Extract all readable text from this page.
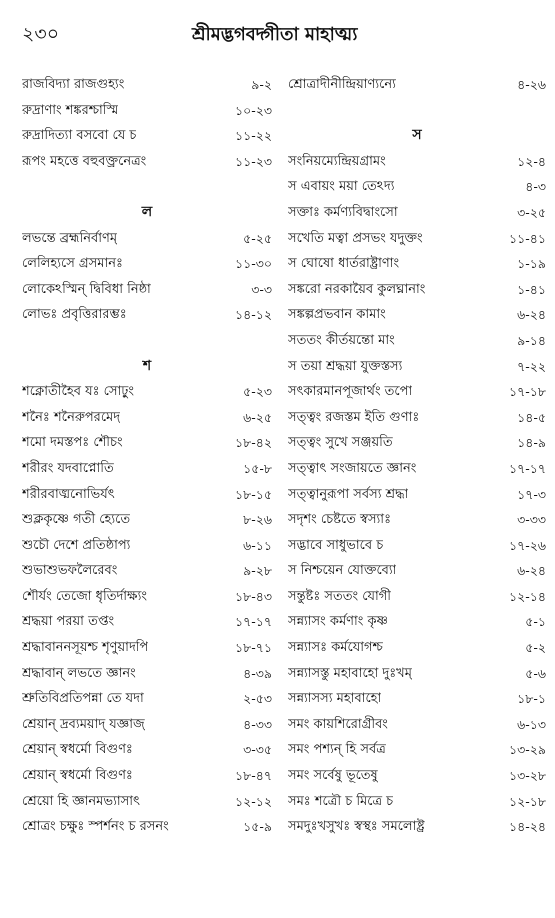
২৩০	শ্রীমদ্ভগবদ্গীতা মাহাত্ম্য
রাজবিদ্যা রাজগুহ্যং	৯-২
রুদ্রাণাং শঙ্করশ্চাস্মি	১০-২৩
রুদ্রাদিত্যা বসবো যে চ	১১-২২
রূপং মহত্তে বহুবক্ত্রনেত্রং	১১-২৩
ল
লভন্তে ব্রহ্মনির্বাণম্	৫-২৫
লেলিহ্যসে গ্রসমানঃ	১১-৩০
লোকেঽস্মিন্ দ্বিবিধা নিষ্ঠা	৩-৩
লোভঃ প্রবৃত্তিরারম্ভঃ	১৪-১২
শ
শক্নোতীহৈব যঃ সোঢ়ুং	৫-২৩
শনৈঃ শনৈরুপরমেদ্	৬-২৫
শমো দমস্তপঃ শৌচং	১৮-৪২
শরীরং যদবাপ্নোতি	১৫-৮
শরীরবাঙ্মনোভির্যৎ	১৮-১৫
শুক্লকৃষ্ণে গতী হ্যেতে	৮-২৬
শুচৌ দেশে প্রতিষ্ঠাপ্য	৬-১১
শুভাশুভফলৈরেবং	৯-২৮
শৌর্যং তেজো ধৃতির্দাক্ষ্যং	১৮-৪৩
শ্রদ্ধয়া পরয়া তপ্তং	১৭-১৭
শ্রদ্ধাবাননসূয়শ্চ শৃণুয়াদপি	১৮-৭১
শ্রদ্ধাবান্ লভতে জ্ঞানং	৪-৩৯
শ্রুতিবিপ্রতিপন্না তে যদা	২-৫৩
শ্রেয়ান্ দ্রব্যময়াদ্ যজ্ঞাজ্	৪-৩৩
শ্রেয়ান্ স্বধর্মো বিগুণঃ	৩-৩৫
শ্রেয়ান্ স্বধর্মো বিগুণঃ	১৮-৪৭
শ্রেয়ো হি জ্ঞানমভ্যাসাৎ	১২-১২
শ্রোত্রং চক্ষুঃ স্পর্শনং চ রসনং	১৫-৯
শ্রোত্রাদীনীন্দ্রিয়াণ্যন্যে	৪-২৬
স
সংনিয়ম্যেন্দ্রিয়গ্রামং	১২-৪
স এবায়ং ময়া তেঽদ্য	৪-৩
সক্তাঃ কর্মণ্যবিদ্বাংসো	৩-২৫
সখেতি মত্বা প্রসভং যদুক্তং	১১-৪১
স ঘোষো ধার্তরাষ্ট্রাণাং	১-১৯
সঙ্করো নরকায়ৈব কুলঘ্নানাং	১-৪১
সঙ্কল্পপ্রভবান কামাং	৬-২৪
সততং কীর্তয়ন্তো মাং	৯-১৪
স তয়া শ্রদ্ধয়া যুক্তস্তস্য	৭-২২
সৎকারমানপূজার্থং তপো	১৭-১৮
সত্ত্বং রজস্তম ইতি গুণাঃ	১৪-৫
সত্ত্বং সুখে সঞ্জয়তি	১৪-৯
সত্ত্বাৎ সংজায়তে জ্ঞানং	১৭-১৭
সত্ত্বানুরূপা সর্বস্য শ্রদ্ধা	১৭-৩
সদৃশং চেষ্টতে স্বস্যাঃ	৩-৩৩
সদ্ভাবে সাধুভাবে চ	১৭-২৬
স নিশ্চয়েন যোক্তব্যো	৬-২৪
সন্তুষ্টঃ সততং যোগী	১২-১৪
সন্ন্যাসং কর্মণাং কৃষ্ণ	৫-১
সন্ন্যাসঃ কর্মযোগশ্চ	৫-২
সন্ন্যাসস্তু মহাবাহো দুঃখম্	৫-৬
সন্ন্যাসস্য মহাবাহো	১৮-১
সমং কায়শিরোগ্রীবং	৬-১৩
সমং পশ্যন্ হি সর্বত্র	১৩-২৯
সমং সর্বেষু ভূতেষু	১৩-২৮
সমঃ শত্রৌ চ মিত্রে চ	১২-১৮
সমদুঃখসুখঃ স্বস্থঃ সমলোষ্ট্র	১৪-২৪
